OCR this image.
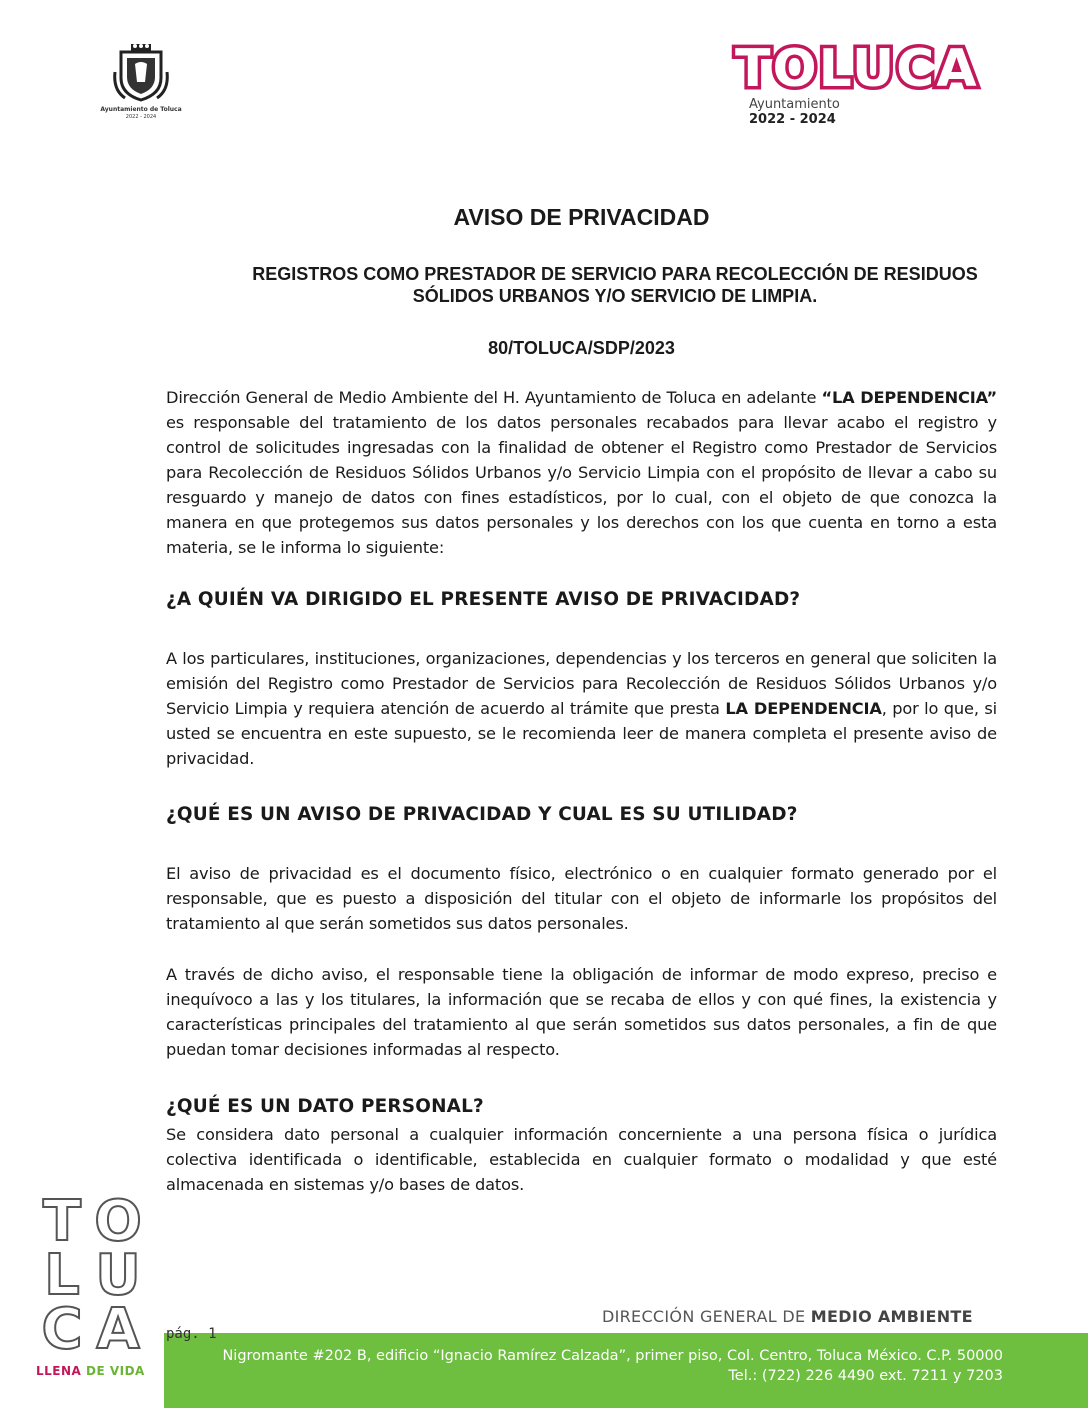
Ayuntamiento de Toluca
2022 - 2024
TOLUCA
Ayuntamiento
2022 - 2024
AVISO DE PRIVACIDAD
REGISTROS COMO PRESTADOR DE SERVICIO PARA RECOLECCIÓN DE RESIDUOS
SÓLIDOS URBANOS Y/O SERVICIO DE LIMPIA.
80/TOLUCA/SDP/2023

Dirección General de Medio Ambiente del H. Ayuntamiento de Toluca en adelante “LA DEPENDENCIA” es responsable del tratamiento de los datos personales recabados para llevar acabo el registro y control de solicitudes ingresadas con la finalidad de obtener el Registro como Prestador de Servicios para Recolección de Residuos Sólidos Urbanos y/o Servicio Limpia con el propósito de llevar a cabo su resguardo y manejo de datos con fines estadísticos, por lo cual, con el objeto de que conozca la manera en que protegemos sus datos personales y los derechos con los que cuenta en torno a esta materia, se le informa lo siguiente:

¿A QUIÉN VA DIRIGIDO EL PRESENTE AVISO DE PRIVACIDAD?

A los particulares, instituciones, organizaciones, dependencias y los terceros en general que soliciten la emisión del Registro como Prestador de Servicios para Recolección de Residuos Sólidos Urbanos y/o Servicio Limpia y requiera atención de acuerdo al trámite que presta LA DEPENDENCIA, por lo que, si usted se encuentra en este supuesto, se le recomienda leer de manera completa el presente aviso de privacidad.

¿QUÉ ES UN AVISO DE PRIVACIDAD Y CUAL ES SU UTILIDAD?

El aviso de privacidad es el documento físico, electrónico o en cualquier formato generado por el responsable, que es puesto a disposición del titular con el objeto de informarle los propósitos del tratamiento al que serán sometidos sus datos personales.

A través de dicho aviso, el responsable tiene la obligación de informar de modo expreso, preciso e inequívoco a las y los titulares, la información que se recaba de ellos y con qué fines, la existencia y características principales del tratamiento al que serán sometidos sus datos personales, a fin de que puedan tomar decisiones informadas al respecto.

¿QUÉ ES UN DATO PERSONAL?

Se considera dato personal a cualquier información concerniente a una persona física o jurídica colectiva identificada o identificable, establecida en cualquier formato o modalidad y que esté almacenada en sistemas y/o bases de datos.

T O
L U
C A
LLENA DE VIDA
DIRECCIÓN GENERAL DE MEDIO AMBIENTE
Nigromante #202 B, edificio “Ignacio Ramírez Calzada”, primer piso, Col. Centro, Toluca México. C.P. 50000
Tel.: (722) 226 4490 ext. 7211 y 7203
pág. 1
